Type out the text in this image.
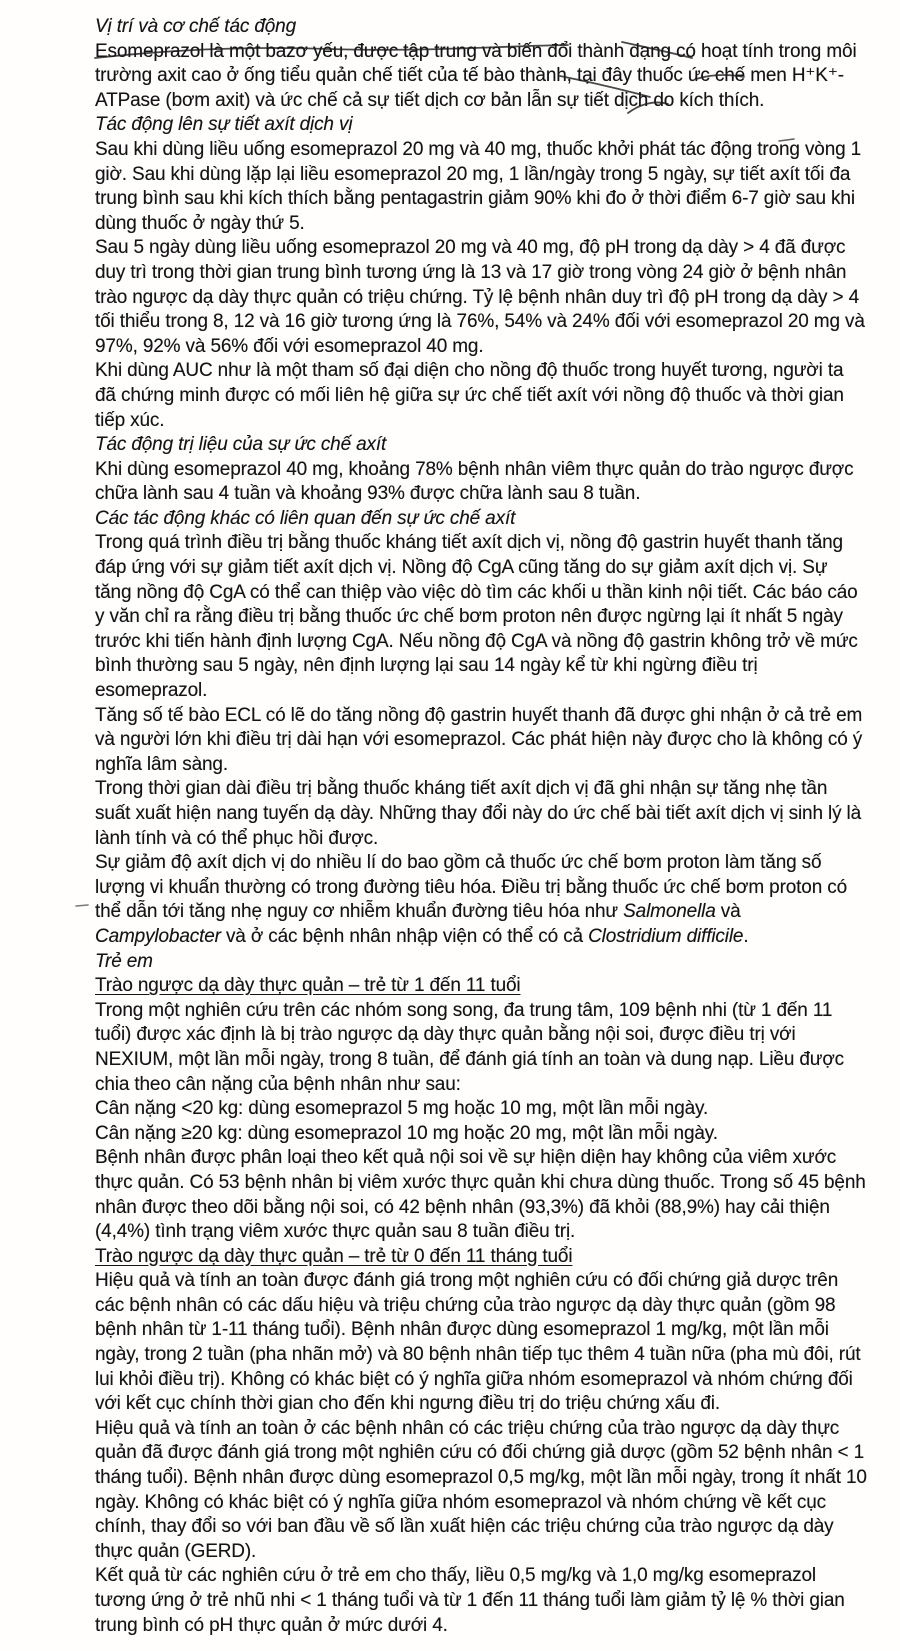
Vị trí và cơ chế tác động

Esomeprazol là một bazơ yếu, được tập trung và biến đổi thành dạng có hoạt tính trong môi trường axit cao ở ống tiểu quản chế tiết của tế bào thành, tại đây thuốc ức chế men H⁺K⁺-ATPase (bơm axit) và ức chế cả sự tiết dịch cơ bản lẫn sự tiết dịch do kích thích.

Tác động lên sự tiết axít dịch vị

Sau khi dùng liều uống esomeprazol 20 mg và 40 mg, thuốc khởi phát tác động trong vòng 1 giờ. Sau khi dùng lặp lại liều esomeprazol 20 mg, 1 lần/ngày trong 5 ngày, sự tiết axít tối đa trung bình sau khi kích thích bằng pentagastrin giảm 90% khi đo ở thời điểm 6-7 giờ sau khi dùng thuốc ở ngày thứ 5.

Sau 5 ngày dùng liều uống esomeprazol 20 mg và 40 mg, độ pH trong dạ dày > 4 đã được duy trì trong thời gian trung bình tương ứng là 13 và 17 giờ trong vòng 24 giờ ở bệnh nhân trào ngược dạ dày thực quản có triệu chứng. Tỷ lệ bệnh nhân duy trì độ pH trong dạ dày > 4 tối thiểu trong 8, 12 và 16 giờ tương ứng là 76%, 54% và 24% đối với esomeprazol 20 mg và 97%, 92% và 56% đối với esomeprazol 40 mg.

Khi dùng AUC như là một tham số đại diện cho nồng độ thuốc trong huyết tương, người ta đã chứng minh được có mối liên hệ giữa sự ức chế tiết axít với nồng độ thuốc và thời gian tiếp xúc.

Tác động trị liệu của sự ức chế axít

Khi dùng esomeprazol 40 mg, khoảng 78% bệnh nhân viêm thực quản do trào ngược được chữa lành sau 4 tuần và khoảng 93% được chữa lành sau 8 tuần.

Các tác động khác có liên quan đến sự ức chế axít

Trong quá trình điều trị bằng thuốc kháng tiết axít dịch vị, nồng độ gastrin huyết thanh tăng đáp ứng với sự giảm tiết axít dịch vị. Nồng độ CgA cũng tăng do sự giảm axít dịch vị. Sự tăng nồng độ CgA có thể can thiệp vào việc dò tìm các khối u thần kinh nội tiết. Các báo cáo y văn chỉ ra rằng điều trị bằng thuốc ức chế bơm proton nên được ngừng lại ít nhất 5 ngày trước khi tiến hành định lượng CgA. Nếu nồng độ CgA và nồng độ gastrin không trở về mức bình thường sau 5 ngày, nên định lượng lại sau 14 ngày kể từ khi ngừng điều trị esomeprazol.

Tăng số tế bào ECL có lẽ do tăng nồng độ gastrin huyết thanh đã được ghi nhận ở cả trẻ em và người lớn khi điều trị dài hạn với esomeprazol. Các phát hiện này được cho là không có ý nghĩa lâm sàng.

Trong thời gian dài điều trị bằng thuốc kháng tiết axít dịch vị đã ghi nhận sự tăng nhẹ tần suất xuất hiện nang tuyến dạ dày. Những thay đổi này do ức chế bài tiết axít dịch vị sinh lý là lành tính và có thể phục hồi được.

Sự giảm độ axít dịch vị do nhiều lí do bao gồm cả thuốc ức chế bơm proton làm tăng số lượng vi khuẩn thường có trong đường tiêu hóa. Điều trị bằng thuốc ức chế bơm proton có thể dẫn tới tăng nhẹ nguy cơ nhiễm khuẩn đường tiêu hóa như Salmonella và Campylobacter và ở các bệnh nhân nhập viện có thể có cả Clostridium difficile.

Trẻ em
Trào ngược dạ dày thực quản – trẻ từ 1 đến 11 tuổi

Trong một nghiên cứu trên các nhóm song song, đa trung tâm, 109 bệnh nhi (từ 1 đến 11 tuổi) được xác định là bị trào ngược dạ dày thực quản bằng nội soi, được điều trị với NEXIUM, một lần mỗi ngày, trong 8 tuần, để đánh giá tính an toàn và dung nạp. Liều được chia theo cân nặng của bệnh nhân như sau:

Cân nặng <20 kg: dùng esomeprazol 5 mg hoặc 10 mg, một lần mỗi ngày.

Cân nặng ≥20 kg: dùng esomeprazol 10 mg hoặc 20 mg, một lần mỗi ngày.

Bệnh nhân được phân loại theo kết quả nội soi về sự hiện diện hay không của viêm xước thực quản. Có 53 bệnh nhân bị viêm xước thực quản khi chưa dùng thuốc. Trong số 45 bệnh nhân được theo dõi bằng nội soi, có 42 bệnh nhân (93,3%) đã khỏi (88,9%) hay cải thiện (4,4%) tình trạng viêm xước thực quản sau 8 tuần điều trị.

Trào ngược dạ dày thực quản – trẻ từ 0 đến 11 tháng tuổi

Hiệu quả và tính an toàn được đánh giá trong một nghiên cứu có đối chứng giả dược trên các bệnh nhân có các dấu hiệu và triệu chứng của trào ngược dạ dày thực quản (gồm 98 bệnh nhân từ 1-11 tháng tuổi). Bệnh nhân được dùng esomeprazol 1 mg/kg, một lần mỗi ngày, trong 2 tuần (pha nhãn mở) và 80 bệnh nhân tiếp tục thêm 4 tuần nữa (pha mù đôi, rút lui khỏi điều trị). Không có khác biệt có ý nghĩa giữa nhóm esomeprazol và nhóm chứng đối với kết cục chính thời gian cho đến khi ngưng điều trị do triệu chứng xấu đi.

Hiệu quả và tính an toàn ở các bệnh nhân có các triệu chứng của trào ngược dạ dày thực quản đã được đánh giá trong một nghiên cứu có đối chứng giả dược (gồm 52 bệnh nhân < 1 tháng tuổi). Bệnh nhân được dùng esomeprazol 0,5 mg/kg, một lần mỗi ngày, trong ít nhất 10 ngày. Không có khác biệt có ý nghĩa giữa nhóm esomeprazol và nhóm chứng về kết cục chính, thay đổi so với ban đầu về số lần xuất hiện các triệu chứng của trào ngược dạ dày thực quản (GERD).

Kết quả từ các nghiên cứu ở trẻ em cho thấy, liều 0,5 mg/kg và 1,0 mg/kg esomeprazol tương ứng ở trẻ nhũ nhi < 1 tháng tuổi và từ 1 đến 11 tháng tuổi làm giảm tỷ lệ % thời gian trung bình có pH thực quản ở mức dưới 4.
